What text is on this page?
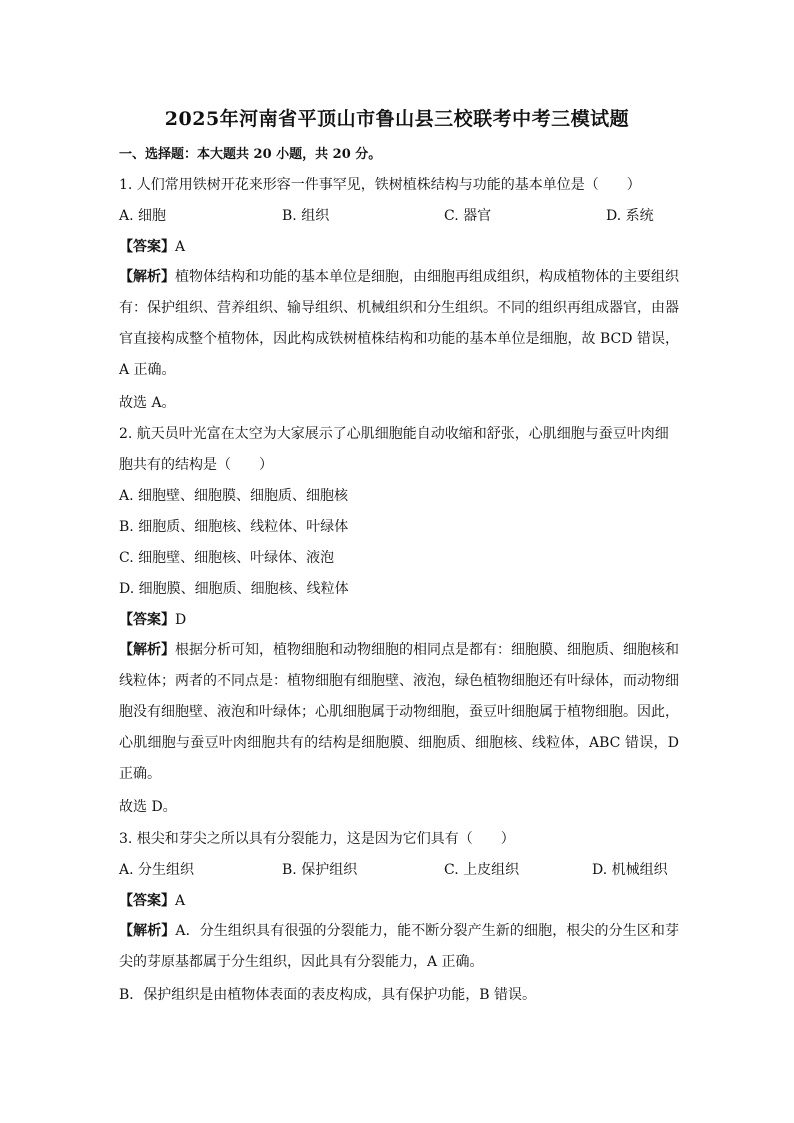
2025年河南省平顶山市鲁山县三校联考中考三模试题
一、选择题：本大题共 20 小题，共 20 分。
1. 人们常用铁树开花来形容一件事罕见，铁树植株结构与功能的基本单位是（　　）
A. 细胞	B. 组织	C. 器官	D. 系统
【答案】A
【解析】植物体结构和功能的基本单位是细胞，由细胞再组成组织，构成植物体的主要组织有：保护组织、营养组织、输导组织、机械组织和分生组织。不同的组织再组成器官，由器官直接构成整个植物体，因此构成铁树植株结构和功能的基本单位是细胞，故 BCD 错误，A 正确。
故选 A。
2. 航天员叶光富在太空为大家展示了心肌细胞能自动收缩和舒张，心肌细胞与蚕豆叶肉细
胞共有的结构是（　　）
A. 细胞壁、细胞膜、细胞质、细胞核
B. 细胞质、细胞核、线粒体、叶绿体
C. 细胞壁、细胞核、叶绿体、液泡
D. 细胞膜、细胞质、细胞核、线粒体
【答案】D
【解析】根据分析可知，植物细胞和动物细胞的相同点是都有：细胞膜、细胞质、细胞核和线粒体；两者的不同点是：植物细胞有细胞壁、液泡，绿色植物细胞还有叶绿体，而动物细胞没有细胞壁、液泡和叶绿体；心肌细胞属于动物细胞，蚕豆叶细胞属于植物细胞。因此，心肌细胞与蚕豆叶肉细胞共有的结构是细胞膜、细胞质、细胞核、线粒体，ABC 错误，D 正确。
故选 D。
3. 根尖和芽尖之所以具有分裂能力，这是因为它们具有（　　）
A. 分生组织	B. 保护组织	C. 上皮组织	D. 机械组织
【答案】A
【解析】A．分生组织具有很强的分裂能力，能不断分裂产生新的细胞，根尖的分生区和芽尖的芽原基都属于分生组织，因此具有分裂能力，A 正确。
B．保护组织是由植物体表面的表皮构成，具有保护功能，B 错误。
